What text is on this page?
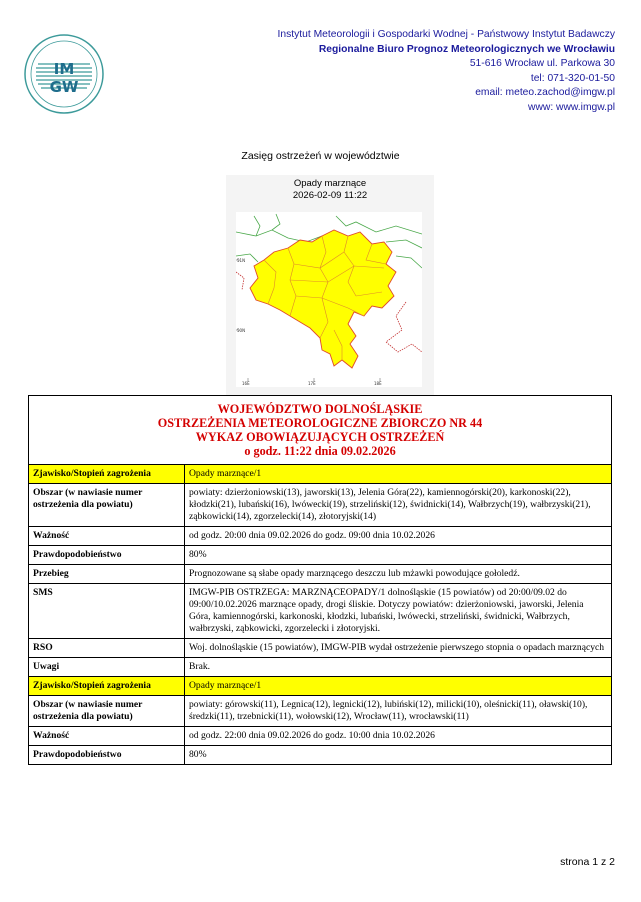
IM
GW
Instytut Meteorologii i Gospodarki Wodnej - Państwowy Instytut Badawczy
Regionalne Biuro Prognoz Meteorologicznych we Wrocławiu
51-616 Wrocław ul. Parkowa 30
tel: 071-320-01-50
email: meteo.zachod@imgw.pl
www: www.imgw.pl
Zasięg ostrzeżeń w województwie
Opady marznące
2026-02-09 11:22
51N
50N
16E	17E	18E
WOJEWÓDZTWO DOLNOŚLĄSKIE
OSTRZEŻENIA METEOROLOGICZNE ZBIORCZO NR 44
WYKAZ OBOWIĄZUJĄCYCH OSTRZEŻEŃ
o godz. 11:22 dnia 09.02.2026	

Zjawisko/Stopień zagrożenia	Opady marznące/1
Obszar (w nawiasie numer ostrzeżenia dla powiatu)	powiaty: dzierżoniowski(13), jaworski(13), Jelenia Góra(22), kamiennogórski(20), karkonoski(22), kłodzki(21), lubański(16), lwówecki(19), strzeliński(12), świdnicki(14), Wałbrzych(19), wałbrzyski(21), ząbkowicki(14), zgorzelecki(14), złotoryjski(14)
Ważność	od godz. 20:00 dnia 09.02.2026 do godz. 09:00 dnia 10.02.2026
Prawdopodobieństwo	80%
Przebieg	Prognozowane są słabe opady marznącego deszczu lub mżawki powodujące gołoledź.
SMS	IMGW-PIB OSTRZEGA: MARZNĄCEOPADY/1 dolnośląskie (15 powiatów) od 20:00/09.02 do 09:00/10.02.2026 marznące opady, drogi śliskie. Dotyczy powiatów: dzierżoniowski, jaworski, Jelenia Góra, kamiennogórski, karkonoski, kłodzki, lubański, lwówecki, strzeliński, świdnicki, Wałbrzych, wałbrzyski, ząbkowicki, zgorzelecki i złotoryjski.
RSO	Woj. dolnośląskie (15 powiatów), IMGW-PIB wydał ostrzeżenie pierwszego stopnia o opadach marznących
Uwagi	Brak.
Zjawisko/Stopień zagrożenia	Opady marznące/1
Obszar (w nawiasie numer ostrzeżenia dla powiatu)	powiaty: górowski(11), Legnica(12), legnicki(12), lubiński(12), milicki(10), oleśnicki(11), oławski(10), średzki(11), trzebnicki(11), wołowski(12), Wrocław(11), wrocławski(11)
Ważność	od godz. 22:00 dnia 09.02.2026 do godz. 10:00 dnia 10.02.2026
Prawdopodobieństwo	80%
strona 1 z 2
